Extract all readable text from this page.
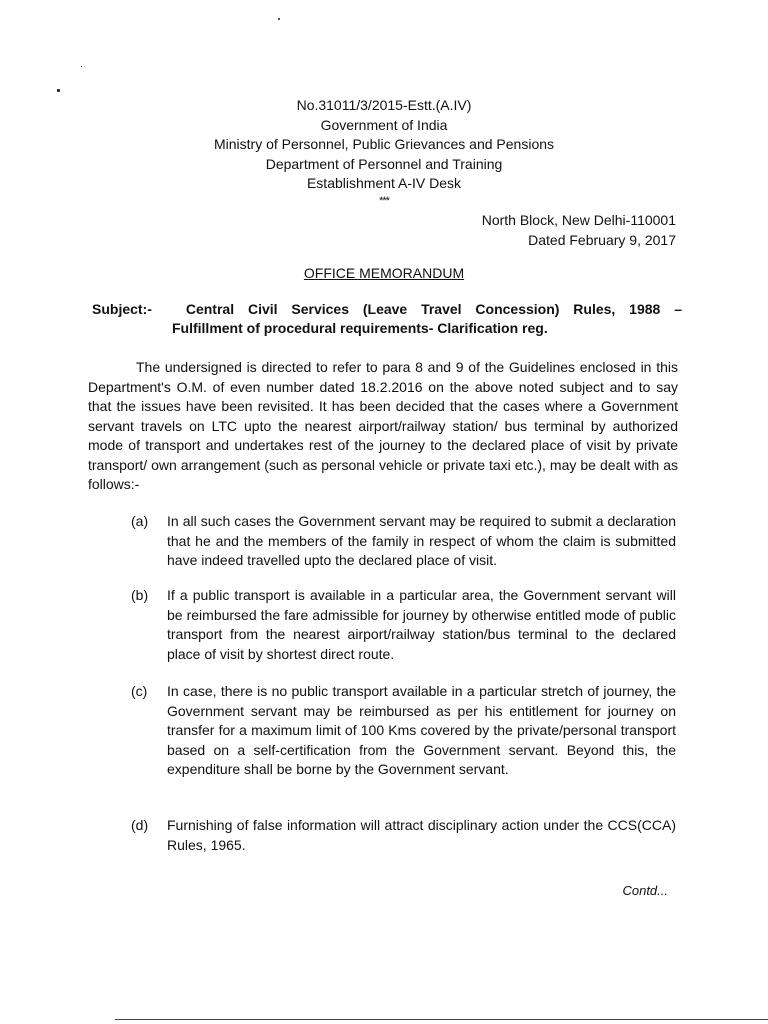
No.31011/3/2015-Estt.(A.IV)
Government of India
Ministry of Personnel, Public Grievances and Pensions
Department of Personnel and Training
Establishment A-IV Desk
***
North Block, New Delhi-110001
Dated February 9, 2017
OFFICE MEMORANDUM
Subject:-	Central Civil Services (Leave Travel Concession) Rules, 1988 –
Fulfillment of procedural requirements- Clarification reg.
The undersigned is directed to refer to para 8 and 9 of the Guidelines enclosed in this Department's O.M. of even number dated 18.2.2016 on the above noted subject and to say that the issues have been revisited. It has been decided that the cases where a Government servant travels on LTC upto the nearest airport/railway station/ bus terminal by authorized mode of transport and undertakes rest of the journey to the declared place of visit by private transport/ own arrangement (such as personal vehicle or private taxi etc.), may be dealt with as follows:-
(a)	In all such cases the Government servant may be required to submit a declaration that he and the members of the family in respect of whom the claim is submitted have indeed travelled upto the declared place of visit.
(b)	If a public transport is available in a particular area, the Government servant will be reimbursed the fare admissible for journey by otherwise entitled mode of public transport from the nearest airport/railway station/bus terminal to the declared place of visit by shortest direct route.
(c)	In case, there is no public transport available in a particular stretch of journey, the Government servant may be reimbursed as per his entitlement for journey on transfer for a maximum limit of 100 Kms covered by the private/personal transport based on a self-certification from the Government servant. Beyond this, the expenditure shall be borne by the Government servant.
(d)	Furnishing of false information will attract disciplinary action under the CCS(CCA) Rules, 1965.
Contd...
